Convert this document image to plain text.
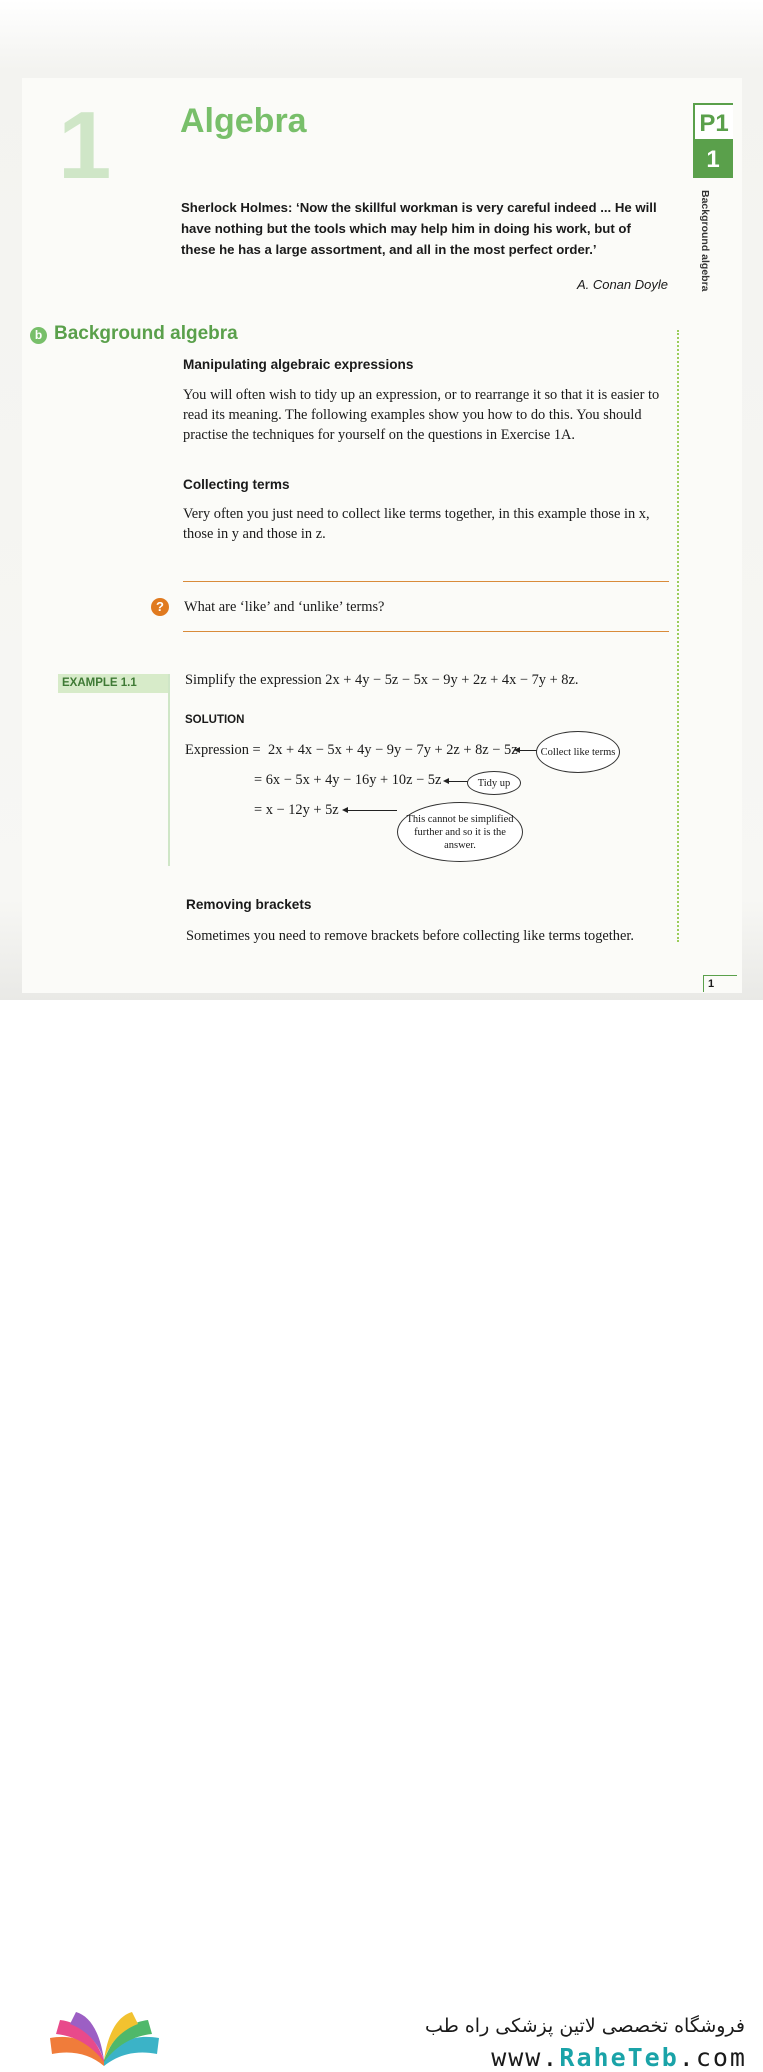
1 Algebra	P1
1
Background algebra
Sherlock Holmes: ‘Now the skillful workman is very careful indeed ... He will have nothing but the tools which may help him in doing his work, but of these he has a large assortment, and all in the most perfect order.’
A. Conan Doyle
b Background algebra
Manipulating algebraic expressions
You will often wish to tidy up an expression, or to rearrange it so that it is easier to read its meaning. The following examples show you how to do this. You should practise the techniques for yourself on the questions in Exercise 1A.
Collecting terms
Very often you just need to collect like terms together, in this example those in x, those in y and those in z.
?	What are ‘like’ and ‘unlike’ terms?
EXAMPLE 1.1	Simplify the expression 2x + 4y − 5z − 5x − 9y + 2z + 4x − 7y + 8z.
SOLUTION
Expression = 2x + 4x − 5x + 4y − 9y − 7y + 2z + 8z − 5z
= 6x − 5x + 4y − 16y + 10z − 5z
= x − 12y + 5z
Collect like terms
Tidy up
This cannot be simplified further and so it is the answer.
Removing brackets
Sometimes you need to remove brackets before collecting like terms together.
1
فروشگاه تخصصی لاتین پزشکی راه طب
www.RaheTeb.com
